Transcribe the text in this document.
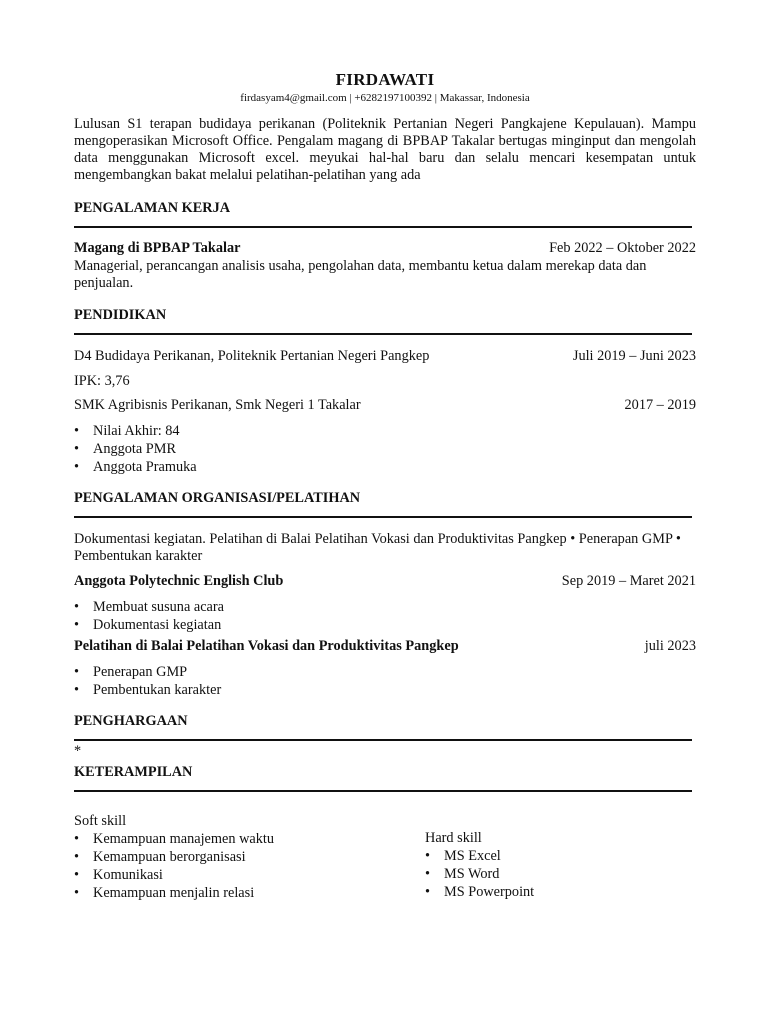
FIRDAWATI
firdasyam4@gmail.com | +6282197100392 | Makassar, Indonesia
Lulusan S1 terapan budidaya perikanan (Politeknik Pertanian Negeri Pangkajene Kepulauan). Mampu mengoperasikan Microsoft Office. Pengalam magang di BPBAP Takalar bertugas minginput dan mengolah data menggunakan Microsoft excel. meyukai hal-hal baru dan selalu mencari kesempatan untuk mengembangkan bakat melalui pelatihan-pelatihan yang ada
PENGALAMAN KERJA
Magang di BPBAP Takalar	Feb 2022 – Oktober 2022
Managerial, perancangan analisis usaha, pengolahan data, membantu ketua dalam merekap data dan penjualan.
PENDIDIKAN
D4 Budidaya Perikanan, Politeknik Pertanian Negeri Pangkep	Juli 2019 – Juni 2023
IPK: 3,76
SMK Agribisnis Perikanan, Smk Negeri 1 Takalar	2017 – 2019
• Nilai Akhir: 84
• Anggota PMR
• Anggota Pramuka
PENGALAMAN ORGANISASI/PELATIHAN
Dokumentasi kegiatan. Pelatihan di Balai Pelatihan Vokasi dan Produktivitas Pangkep • Penerapan GMP • Pembentukan karakter
Anggota Polytechnic English Club	Sep 2019 – Maret 2021
• Membuat susuna acara
• Dokumentasi kegiatan
Pelatihan di Balai Pelatihan Vokasi dan Produktivitas Pangkep	juli 2023
• Penerapan GMP
• Pembentukan karakter
PENGHARGAAN
*
KETERAMPILAN
Soft skill
• Kemampuan manajemen waktu
• Kemampuan berorganisasi
• Komunikasi
• Kemampuan menjalin relasi
Hard skill
• MS Excel
• MS Word
• MS Powerpoint
